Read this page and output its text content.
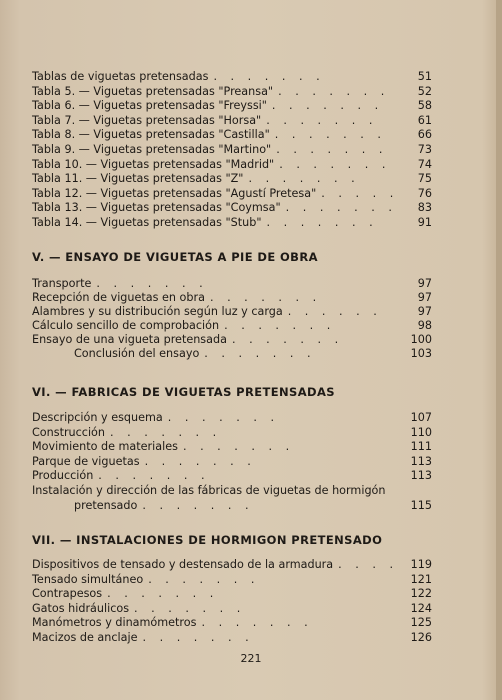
Tablas de viguetas pretensadas . . . . . . .	51
Tabla 5. — Viguetas pretensadas "Preansa" . . . . . . .	52
Tabla 6. — Viguetas pretensadas "Freyssi" . . . . . . .	58
Tabla 7. — Viguetas pretensadas "Horsa" . . . . . . .	61
Tabla 8. — Viguetas pretensadas "Castilla" . . . . . . .	66
Tabla 9. — Viguetas pretensadas "Martino" . . . . . . .	73
Tabla 10. — Viguetas pretensadas "Madrid" . . . . . . . 74
Tabla 11. — Viguetas pretensadas "Z" . . . . . . .	75
Tabla 12. — Viguetas pretensadas "Agustí Pretesa" . . . . . 76
Tabla 13. — Viguetas pretensadas "Coymsa" . . . . . . . 83
Tabla 14. — Viguetas pretensadas "Stub" . . . . . . .	91
V. — ENSAYO DE VIGUETAS A PIE DE OBRA
Transporte . . . . . . .	97
Recepción de viguetas en obra . . . . . . .	97
Alambres y su distribución según luz y carga . . . . . .	97
Cálculo sencillo de comprobación . . . . . . .	98
Ensayo de una vigueta pretensada . . . . . . .	100
Conclusión del ensayo . . . . . . .	103
VI. — FABRICAS DE VIGUETAS PRETENSADAS
Descripción y esquema . . . . . . .	107
Construcción . . . . . . .	110
Movimiento de materiales . . . . . . .	111
Parque de viguetas . . . . . . .	113
Producción . . . . . . .	113
Instalación y dirección de las fábricas de viguetas de hormigón
pretensado . . . . . . .	115
VII. — INSTALACIONES DE HORMIGON PRETENSADO
Dispositivos de tensado y destensado de la armadura . . . . 119
Tensado simultáneo . . . . . . .	121
Contrapesos . . . . . . .	122
Gatos hidráulicos . . . . . . .	124
Manómetros y dinamómetros . . . . . . .	125
Macizos de anclaje . . . . . . .	126
221
